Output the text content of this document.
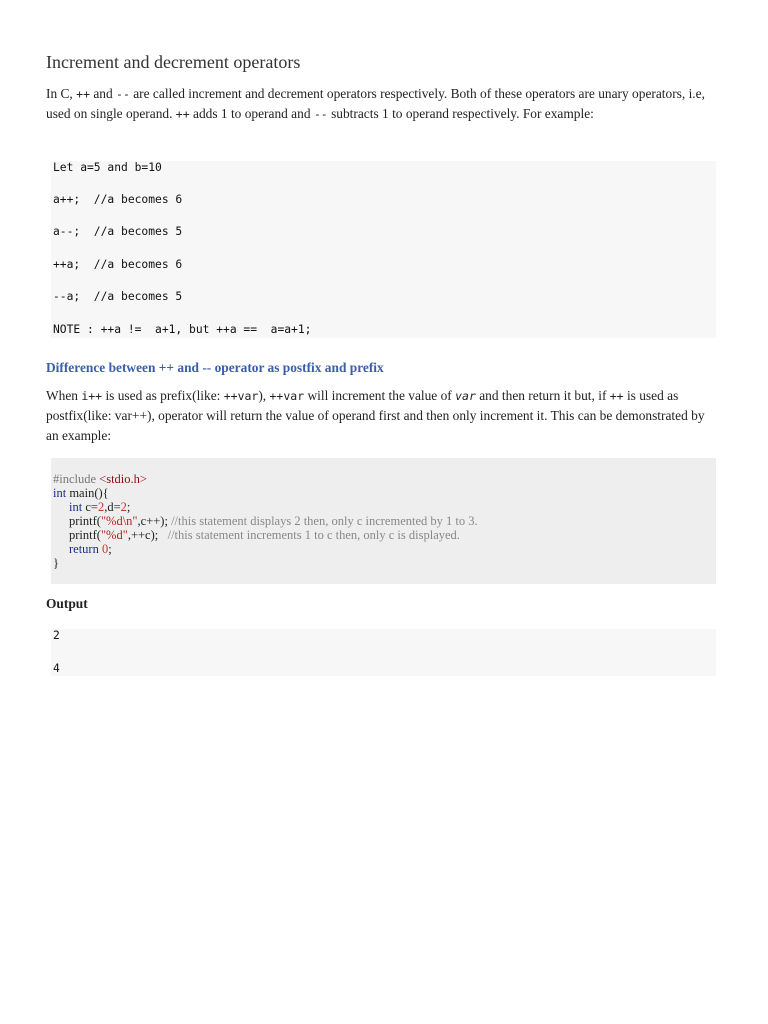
Increment and decrement operators

In C, ++ and -- are called increment and decrement operators respectively. Both of these operators are unary operators, i.e, used on single operand. ++ adds 1 to operand and -- subtracts 1 to operand respectively. For example:

Let a=5 and b=10
a++;  //a becomes 6
a--;  //a becomes 5
++a;  //a becomes 6
--a;  //a becomes 5
NOTE : ++a !=  a+1, but ++a ==  a=a+1;
Difference between ++ and -- operator as postfix and prefix

When i++ is used as prefix(like: ++var), ++var will increment the value of var and then return it but, if ++ is used as postfix(like: var++), operator will return the value of operand first and then only increment it. This can be demonstrated by an example:

#include <stdio.h>
int main(){
int c=2,d=2;
printf("%d\n",c++); //this statement displays 2 then, only c incremented by 1 to 3.
printf("%d",++c);   //this statement increments 1 to c then, only c is displayed.
return 0;
}
Output
2
4
